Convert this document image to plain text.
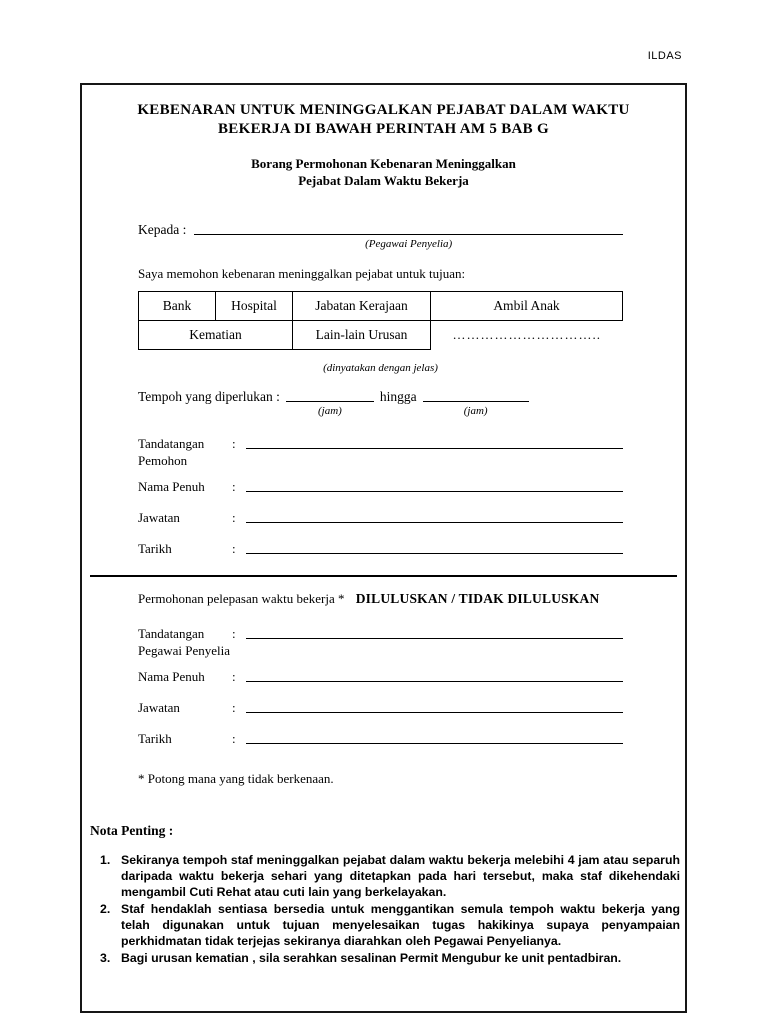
ILDAS
KEBENARAN UNTUK MENINGGALKAN PEJABAT DALAM WAKTU
BEKERJA DI BAWAH PERINTAH AM 5 BAB G
Borang Permohonan Kebenaran Meninggalkan
Pejabat Dalam Waktu Bekerja
Kepada :
(Pegawai Penyelia)
Saya memohon kebenaran meninggalkan pejabat untuk tujuan:
Bank	Hospital	Jabatan Kerajaan	Ambil Anak
Kematian		Lain-lain Urusan	…………………………..
(dinyatakan dengan jelas)
Tempoh yang diperlukan :
(jam)
hingga
(jam)
Tandatangan
Pemohon
:
Nama Penuh	:
Jawatan	:
Tarikh	:
Permohonan pelepasan waktu bekerja * DILULUSKAN / TIDAK DILULUSKAN
Tandatangan
Pegawai Penyelia
:
Nama Penuh	:
Jawatan	:
Tarikh	:
* Potong mana yang tidak berkenaan.
Nota Penting :
1. Sekiranya tempoh staf meninggalkan pejabat dalam waktu bekerja melebihi 4 jam atau separuh daripada waktu bekerja sehari yang ditetapkan pada hari tersebut, maka staf dikehendaki mengambil Cuti Rehat atau cuti lain yang berkelayakan.
2. Staf hendaklah sentiasa bersedia untuk menggantikan semula tempoh waktu bekerja yang telah digunakan untuk tujuan menyelesaikan tugas hakikinya supaya penyampaian perkhidmatan tidak terjejas sekiranya diarahkan oleh Pegawai Penyelianya.
3. Bagi urusan kematian , sila serahkan sesalinan Permit Mengubur ke unit pentadbiran.
